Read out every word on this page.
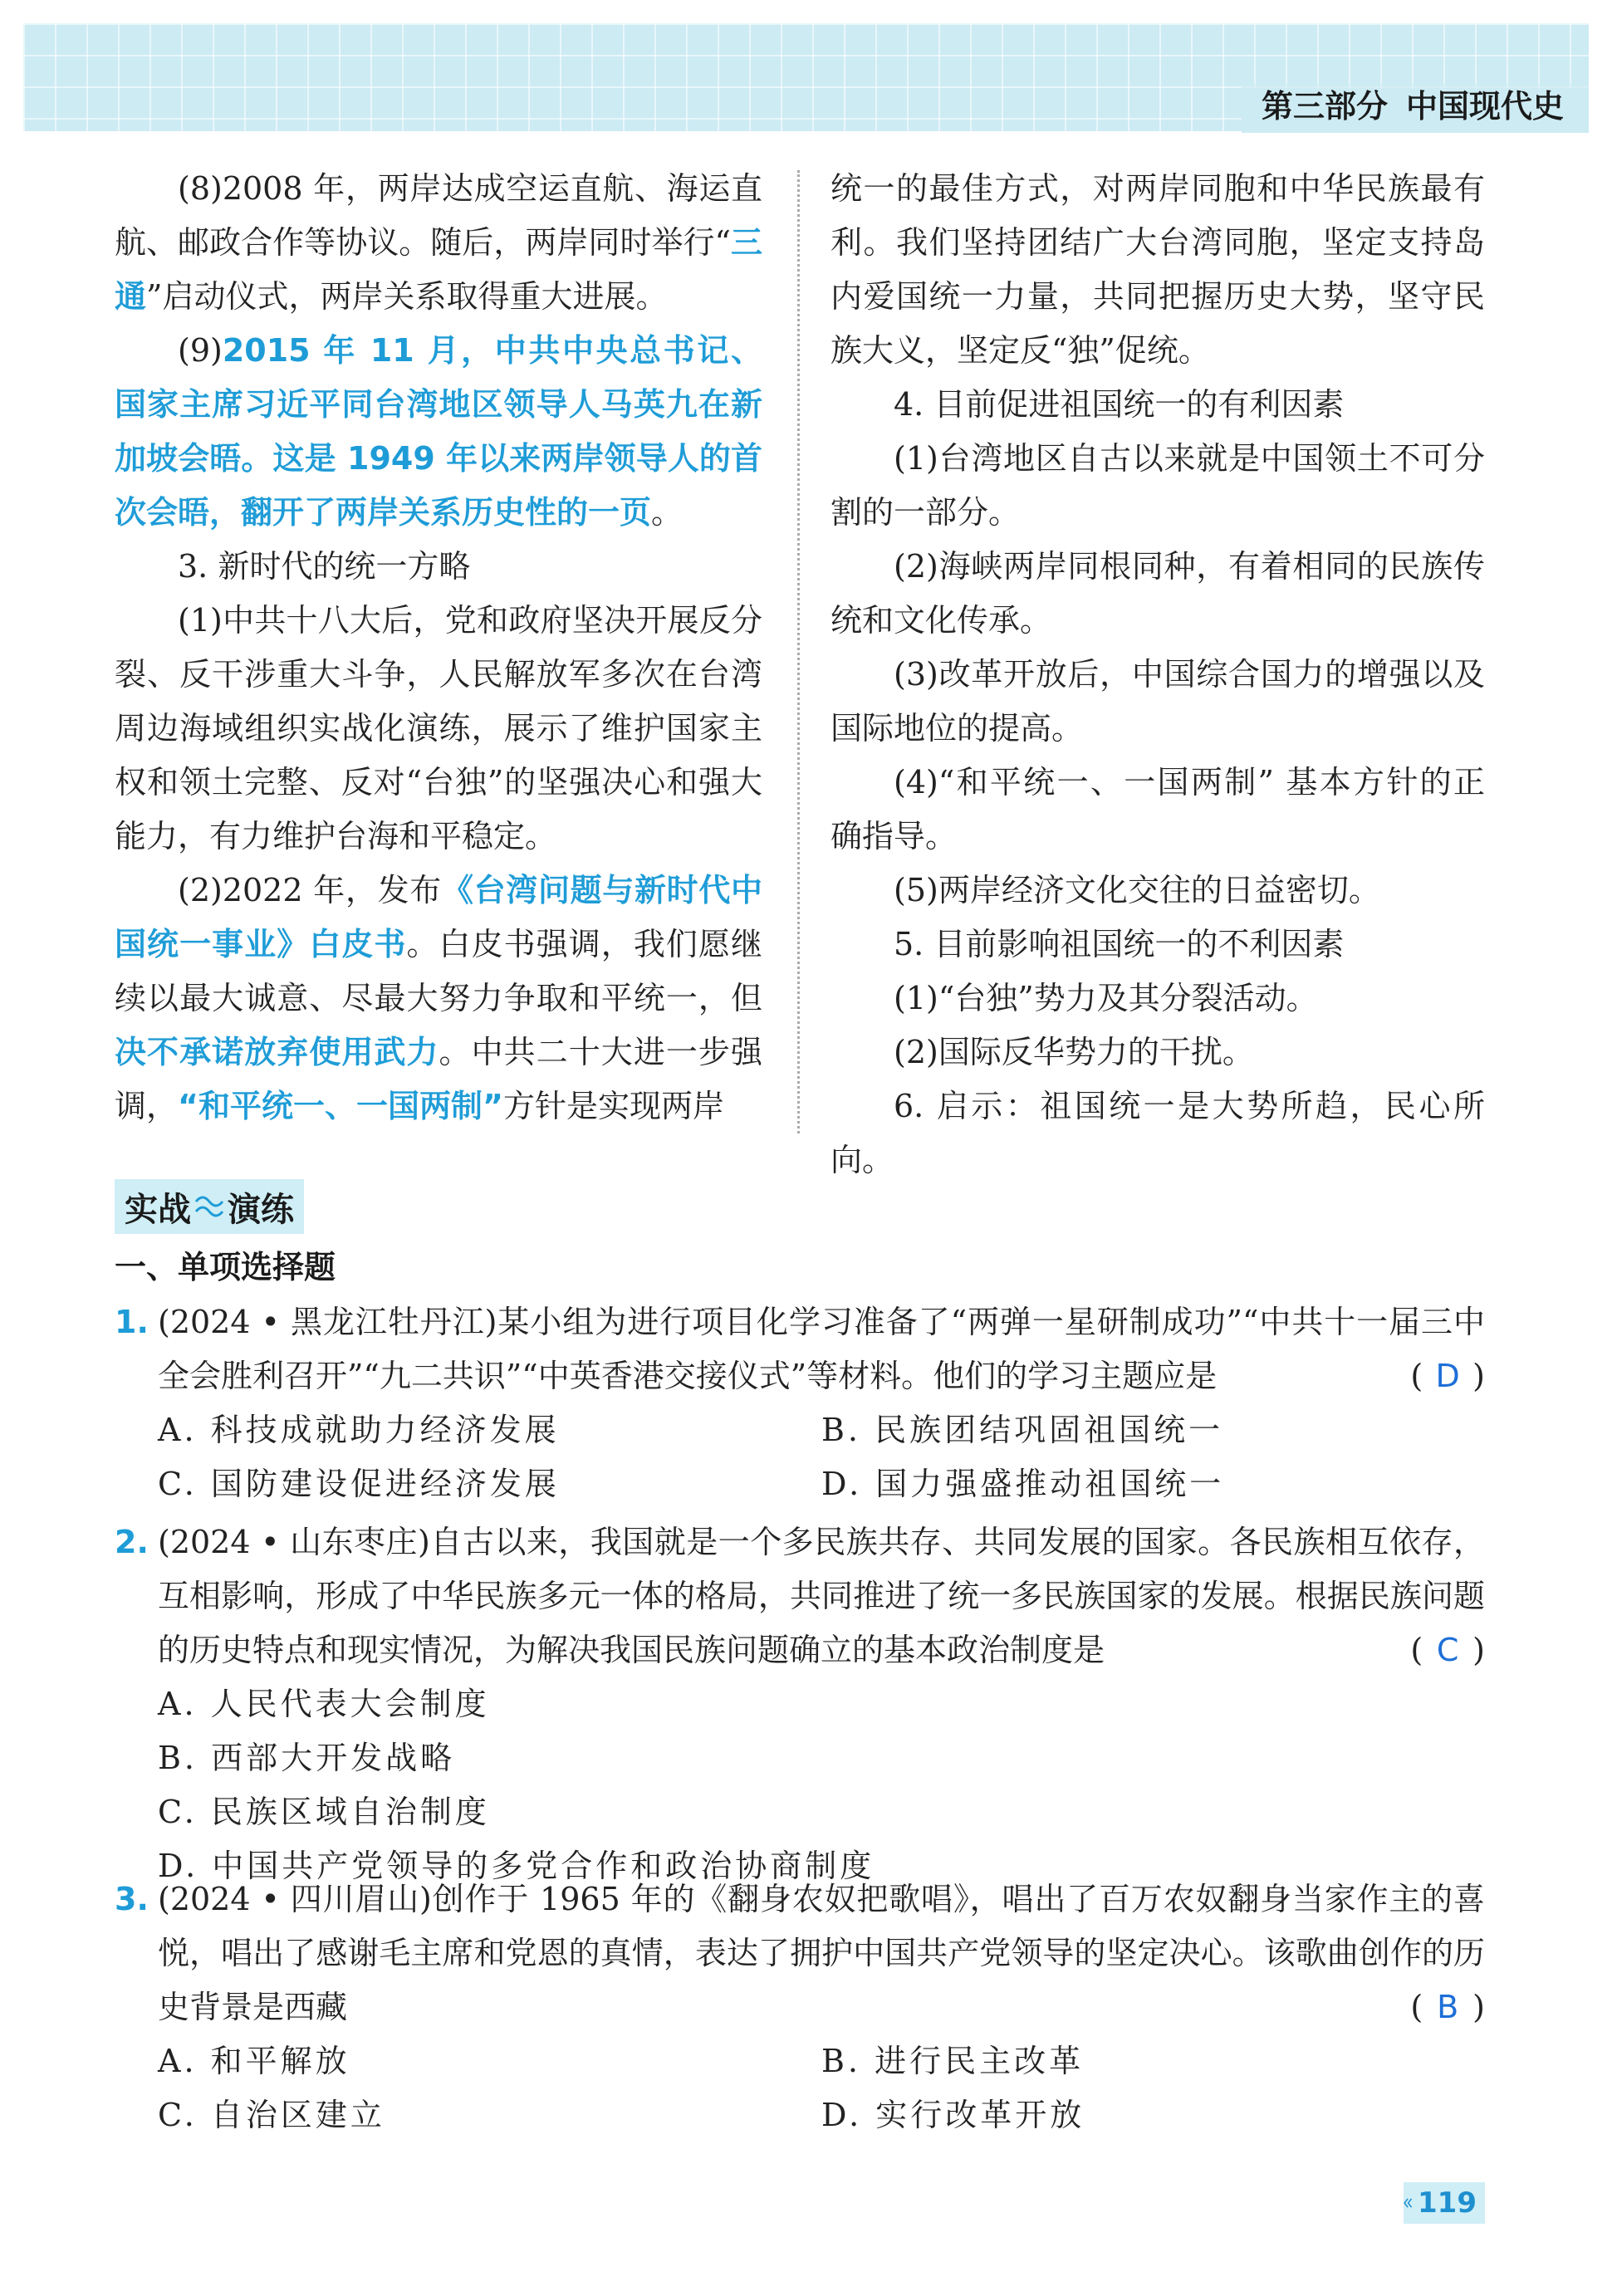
第三部分 中国现代史

(8)2008 年，两岸达成空运直航、海运直航、邮政合作等协议。随后，两岸同时举行“三通”启动仪式，两岸关系取得重大进展。

(9)2015 年 11 月，中共中央总书记、国家主席习近平同台湾地区领导人马英九在新加坡会晤。这是 1949 年以来两岸领导人的首次会晤，翻开了两岸关系历史性的一页。

3. 新时代的统一方略

(1)中共十八大后，党和政府坚决开展反分裂、反干涉重大斗争，人民解放军多次在台湾周边海域组织实战化演练，展示了维护国家主权和领土完整、反对“台独”的坚强决心和强大能力，有力维护台海和平稳定。

(2)2022 年，发布《台湾问题与新时代中国统一事业》白皮书。白皮书强调，我们愿继续以最大诚意、尽最大努力争取和平统一，但决不承诺放弃使用武力。中共二十大进一步强调，“和平统一、一国两制”方针是实现两岸

统一的最佳方式，对两岸同胞和中华民族最有利。我们坚持团结广大台湾同胞，坚定支持岛内爱国统一力量，共同把握历史大势，坚守民族大义，坚定反“独”促统。

4. 目前促进祖国统一的有利因素

(1)台湾地区自古以来就是中国领土不可分割的一部分。

(2)海峡两岸同根同种，有着相同的民族传统和文化传承。

(3)改革开放后，中国综合国力的增强以及国际地位的提高。

(4)“和平统一、一国两制” 基本方针的正确指导。

(5)两岸经济文化交往的日益密切。

5. 目前影响祖国统一的不利因素

(1)“台独”势力及其分裂活动。

(2)国际反华势力的干扰。

6. 启示：祖国统一是大势所趋，民心所向。

实战 演练
一、单项选择题
1. (2024 • 黑龙江牡丹江)某小组为进行项目化学习准备了“两弹一星研制成功”“中共十一届三中全会胜利召开”“九二共识”“中英香港交接仪式”等材料。他们的学习主题应是	( D )
A. 科技成就助力经济发展	B. 民族团结巩固祖国统一
C. 国防建设促进经济发展	D. 国力强盛推动祖国统一
2. (2024 • 山东枣庄)自古以来，我国就是一个多民族共存、共同发展的国家。各民族相互依存，互相影响，形成了中华民族多元一体的格局，共同推进了统一多民族国家的发展。根据民族问题的历史特点和现实情况，为解决我国民族问题确立的基本政治制度是	( C )
A. 人民代表大会制度
B. 西部大开发战略
C. 民族区域自治制度
D. 中国共产党领导的多党合作和政治协商制度
3. (2024 • 四川眉山)创作于 1965 年的《翻身农奴把歌唱》，唱出了百万农奴翻身当家作主的喜悦，唱出了感谢毛主席和党恩的真情，表达了拥护中国共产党领导的坚定决心。该歌曲创作的历史背景是西藏	( B )
A. 和平解放	B. 进行民主改革
C. 自治区建立	D. 实行改革开放
119
